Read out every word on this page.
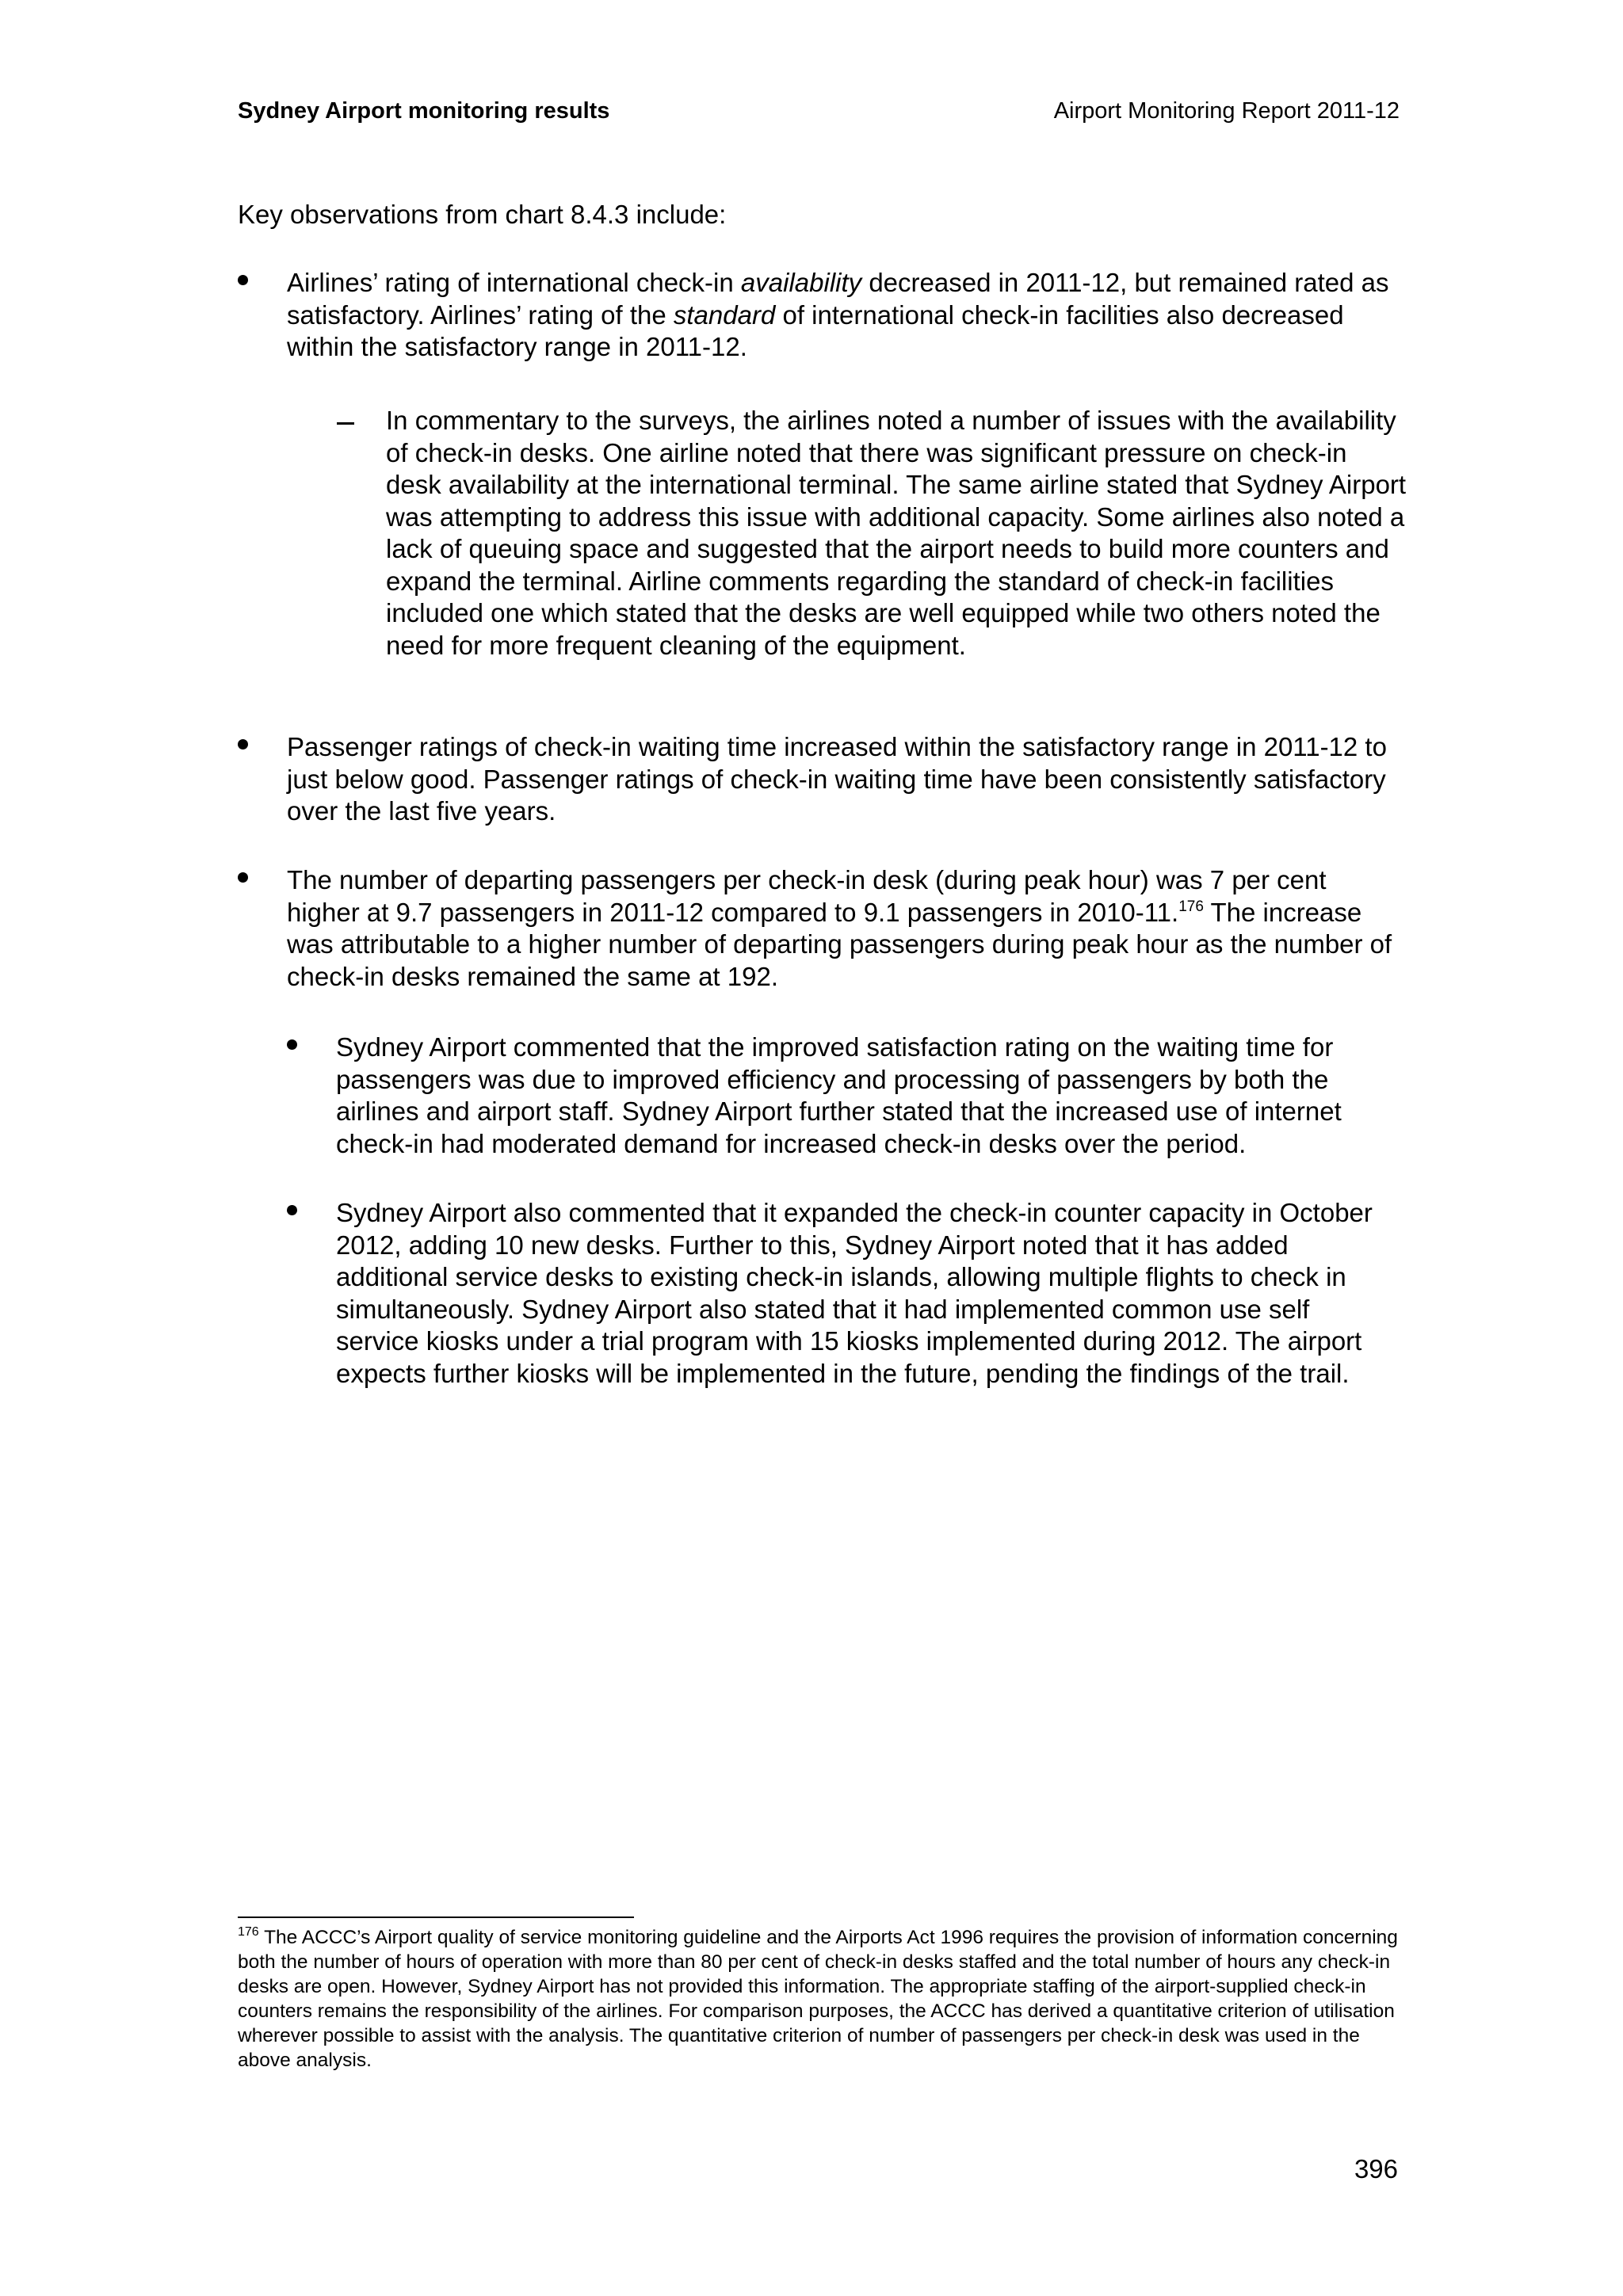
Sydney Airport monitoring results	Airport Monitoring Report 2011-12
Key observations from chart 8.4.3 include:
Airlines’ rating of international check-in availability decreased in 2011-12, but remained rated as satisfactory. Airlines’ rating of the standard of international check-in facilities also decreased within the satisfactory range in 2011-12.
In commentary to the surveys, the airlines noted a number of issues with the availability of check-in desks. One airline noted that there was significant pressure on check-in desk availability at the international terminal. The same airline stated that Sydney Airport was attempting to address this issue with additional capacity. Some airlines also noted a lack of queuing space and suggested that the airport needs to build more counters and expand the terminal. Airline comments regarding the standard of check-in facilities included one which stated that the desks are well equipped while two others noted the need for more frequent cleaning of the equipment.
Passenger ratings of check-in waiting time increased within the satisfactory range in 2011-12 to just below good. Passenger ratings of check-in waiting time have been consistently satisfactory over the last five years.
The number of departing passengers per check-in desk (during peak hour) was 7 per cent higher at 9.7 passengers in 2011-12 compared to 9.1 passengers in 2010-11.$^{176}$ The increase was attributable to a higher number of departing passengers during peak hour as the number of check-in desks remained the same at 192.
Sydney Airport commented that the improved satisfaction rating on the waiting time for passengers was due to improved efficiency and processing of passengers by both the airlines and airport staff. Sydney Airport further stated that the increased use of internet check-in had moderated demand for increased check-in desks over the period.
Sydney Airport also commented that it expanded the check-in counter capacity in October 2012, adding 10 new desks. Further to this, Sydney Airport noted that it has added additional service desks to existing check-in islands, allowing multiple flights to check in simultaneously. Sydney Airport also stated that it had implemented common use self service kiosks under a trial program with 15 kiosks implemented during 2012. The airport expects further kiosks will be implemented in the future, pending the findings of the trail.
$^{176}$ The ACCC’s Airport quality of service monitoring guideline and the Airports Act 1996 requires the provision of information concerning both the number of hours of operation with more than 80 per cent of check-in desks staffed and the total number of hours any check-in desks are open. However, Sydney Airport has not provided this information. The appropriate staffing of the airport-supplied check-in counters remains the responsibility of the airlines. For comparison purposes, the ACCC has derived a quantitative criterion of utilisation wherever possible to assist with the analysis. The quantitative criterion of number of passengers per check-in desk was used in the above analysis.
396
